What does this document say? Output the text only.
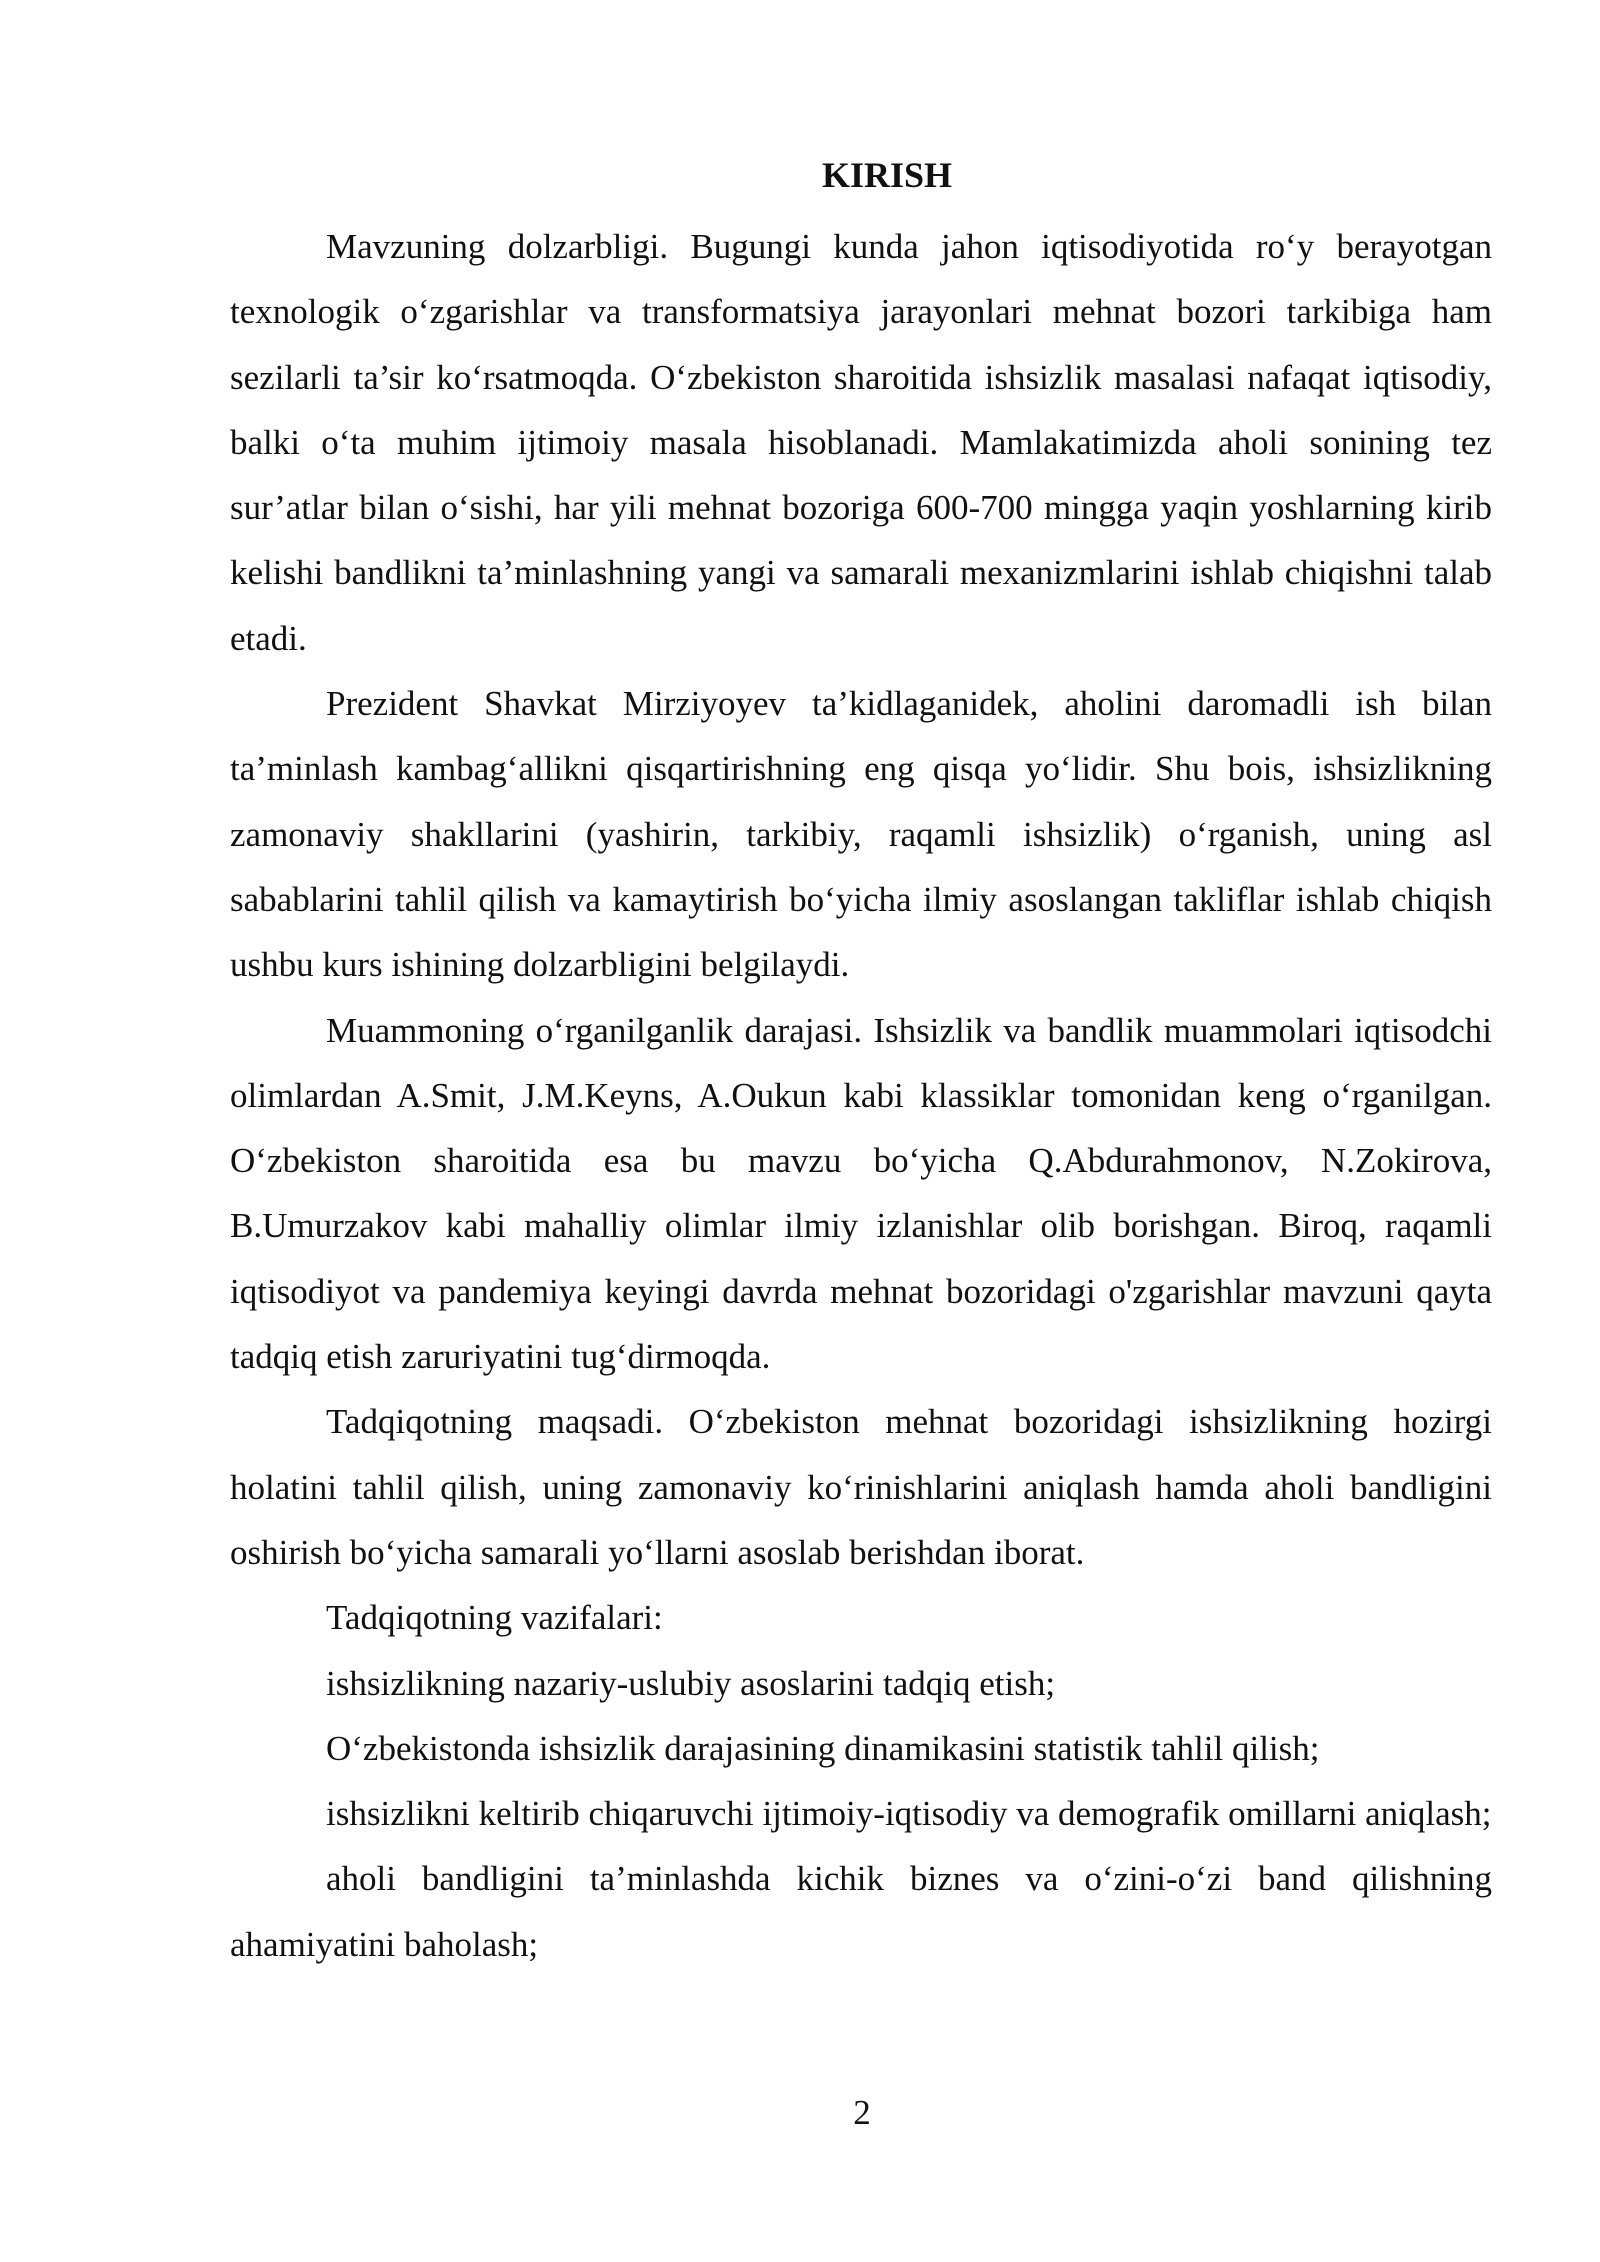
KIRISH

Mavzuning dolzarbligi. Bugungi kunda jahon iqtisodiyotida ro‘y berayotgan texnologik o‘zgarishlar va transformatsiya jarayonlari mehnat bozori tarkibiga ham sezilarli ta’sir ko‘rsatmoqda. O‘zbekiston sharoitida ishsizlik masalasi nafaqat iqtisodiy, balki o‘ta muhim ijtimoiy masala hisoblanadi. Mamlakatimizda aholi sonining tez sur’atlar bilan o‘sishi, har yili mehnat bozoriga 600-700 mingga yaqin yoshlarning kirib kelishi bandlikni ta’minlashning yangi va samarali mexanizmlarini ishlab chiqishni talab etadi.

Prezident Shavkat Mirziyoyev ta’kidlaganidek, aholini daromadli ish bilan ta’minlash kambag‘allikni qisqartirishning eng qisqa yo‘lidir. Shu bois, ishsizlikning zamonaviy shakllarini (yashirin, tarkibiy, raqamli ishsizlik) o‘rganish, uning asl sabablarini tahlil qilish va kamaytirish bo‘yicha ilmiy asoslangan takliflar ishlab chiqish ushbu kurs ishining dolzarbligini belgilaydi.

Muammoning o‘rganilganlik darajasi. Ishsizlik va bandlik muammolari iqtisodchi olimlardan A.Smit, J.M.Keyns, A.Oukun kabi klassiklar tomonidan keng o‘rganilgan. O‘zbekiston sharoitida esa bu mavzu bo‘yicha Q.Abdurahmonov, N.Zokirova, B.Umurzakov kabi mahalliy olimlar ilmiy izlanishlar olib borishgan. Biroq, raqamli iqtisodiyot va pandemiya keyingi davrda mehnat bozoridagi o'zgarishlar mavzuni qayta tadqiq etish zaruriyatini tug‘dirmoqda.

Tadqiqotning maqsadi. O‘zbekiston mehnat bozoridagi ishsizlikning hozirgi holatini tahlil qilish, uning zamonaviy ko‘rinishlarini aniqlash hamda aholi bandligini oshirish bo‘yicha samarali yo‘llarni asoslab berishdan iborat.

Tadqiqotning vazifalari:

ishsizlikning nazariy-uslubiy asoslarini tadqiq etish;

O‘zbekistonda ishsizlik darajasining dinamikasini statistik tahlil qilish;

ishsizlikni keltirib chiqaruvchi ijtimoiy-iqtisodiy va demografik omillarni aniqlash;

aholi bandligini ta’minlashda kichik biznes va o‘zini-o‘zi band qilishning ahamiyatini baholash;

2
